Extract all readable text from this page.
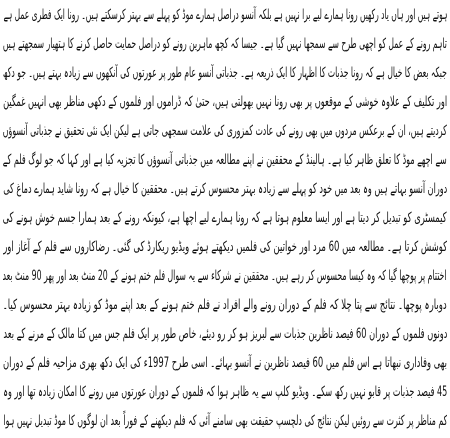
ہوتے ہیں اور ہاں یاد رکھیں رونا ہمارے لیے برا نہیں ہے بلکہ آنسو دراصل ہمارے موڈ کو پہلے سے بہتر کرسکتے ہیں۔ رونا ایک فطری عمل ہے
تاہم رونے کے عمل کو اچھی طرح سے سمجھا نہیں گیا ہے۔ جیسا کہ کچھ ماہرین رونے کو دراصل حمایت حاصل کرنے کا ہتھیار سمجھتے ہیں
جبکہ بعض کا خیال ہے کہ رونا جذبات کا اظہار کا ایک ذریعہ ہے۔ جذباتی آنسو عام طور پر عورتوں کی آنکھوں سے زیادہ بہتے ہیں۔ جو دکھ
اور تکلیف کے علاوہ خوشی کے موقعوں پر بھی رونا نہیں بھولتی ہیں، حتیٰ کہ ڈراموں اور فلموں کے دکھی مناظر بھی انہیں غمگین
کردیتے ہیں، ان کے برعکس مردوں میں بھی رونے کی عادت کمزوری کی علامت سمجھی جاتی ہے لیکن ایک نئی تحقیق نے جذباتی آنسوؤں
سے اچھے موڈ کا تعلق ظاہر کیا ہے۔ ہالینڈ کے محققین نے اپنے مطالعہ میں جذباتی آنسوؤں کا تجزیہ کیا ہے اور کہا کہ جو لوگ فلم کے
دوران آنسو بہاتے ہیں وہ بعد میں خود کو پہلے سے زیادہ بہتر محسوس کرتے ہیں۔ محققین کا خیال ہے کہ رونا شاید ہمارے دماغ کی
کیمسٹری کو تبدیل کر دیتا ہے اور ایسا معلوم ہوتا ہے کہ رونا ہمارے لیے اچھا ہے، کیونکہ رونے کے بعد ہمارا جسم خوش ہونے کی
کوشش کرتا ہے۔ مطالعہ میں 60 مرد اور خواتین کی فلمیں دیکھتے ہوئے ویڈیو ریکارڈ کی گئی۔ رضاکاروں سے فلم کے آغاز اور
اختتام پر پوچھا گیا کہ وہ کیسا محسوس کر رہے ہیں۔ محققین نے شرکاء سے یہ سوال فلم ختم ہونے کے 20 منٹ بعد اور پھر 90 منٹ بعد
دوبارہ پوچھا۔ نتائج سے پتا چلا کہ فلم کے دوران رونے والے افراد نے فلم ختم ہونے کے بعد اپنے موڈ کو زیادہ بہتر محسوس کیا۔
دونوں فلموں کے دوران 60 فیصد ناظرین جذبات سے لبریز ہو کر رو دیئے، خاص طور پر ایک فلم جس میں کتا مالک کے مرنے کے بعد
بھی وفاداری نبھاتا ہے اس فلم میں 60 فیصد ناظرین نے آنسو بہائے۔ اسی طرح 1997ء کی ایک دکھ بھری مزاحیہ فلم کے دوران
45 فیصد جذبات پر قابو نہیں رکھ سکے۔ ویڈیو کلپ سے یہ ظاہر ہوا کہ فلموں کے دوران عورتوں میں رونے کا امکان زیادہ تھا اور وہ
کم مناظر پر کثرت سے روئیں لیکن نتائج کی دلچسپ حقیقت بھی سامنے آئی کہ فلم دیکھنے کے فوراً بعد ان لوگوں کا موڈ تبدیل نہیں ہوا
